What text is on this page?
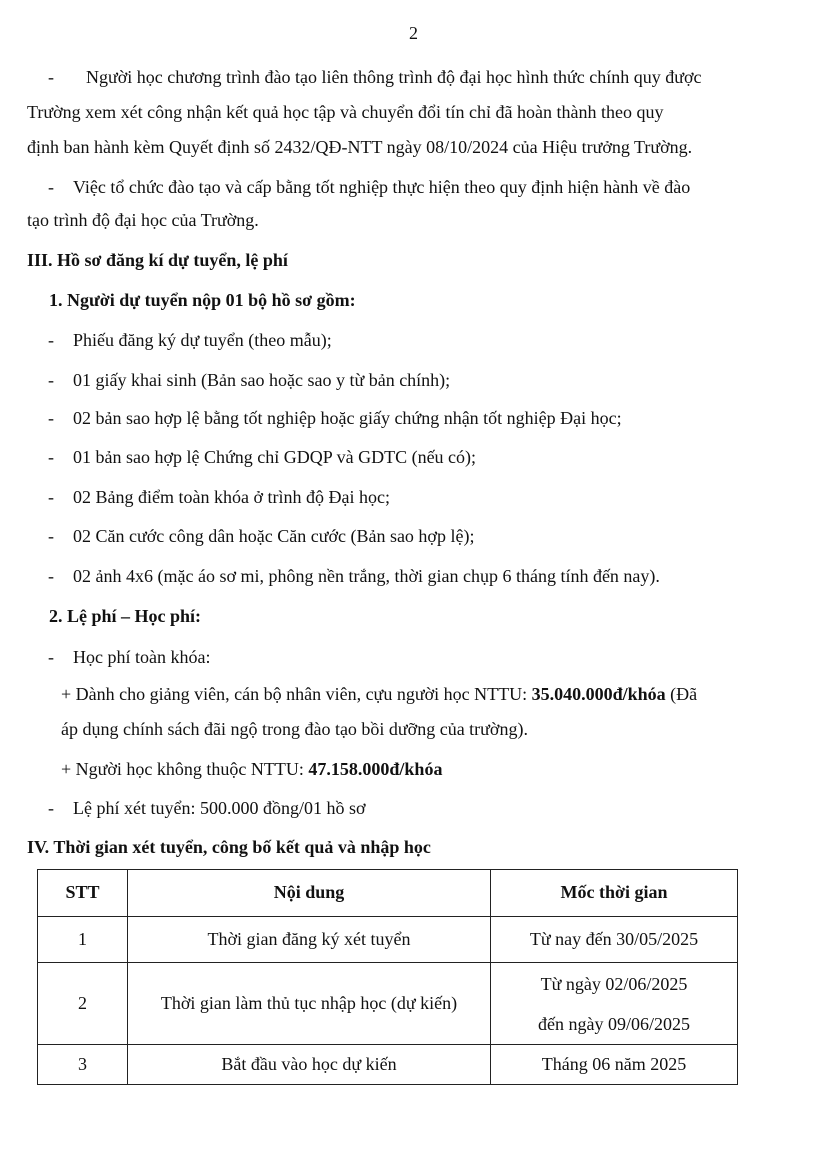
2
- Người học chương trình đào tạo liên thông trình độ đại học hình thức chính quy được
Trường xem xét công nhận kết quả học tập và chuyển đổi tín chỉ đã hoàn thành theo quy
định ban hành kèm Quyết định số 2432/QĐ-NTT ngày 08/10/2024 của Hiệu trưởng Trường.
- Việc tổ chức đào tạo và cấp bằng tốt nghiệp thực hiện theo quy định hiện hành về đào
tạo trình độ đại học của Trường.
III. Hồ sơ đăng kí dự tuyển, lệ phí
1. Người dự tuyển nộp 01 bộ hồ sơ gồm:
- Phiếu đăng ký dự tuyển (theo mẫu);
- 01 giấy khai sinh (Bản sao hoặc sao y từ bản chính);
- 02 bản sao hợp lệ bằng tốt nghiệp hoặc giấy chứng nhận tốt nghiệp Đại học;
- 01 bản sao hợp lệ Chứng chỉ GDQP và GDTC (nếu có);
- 02 Bảng điểm toàn khóa ở trình độ Đại học;
- 02 Căn cước công dân hoặc Căn cước (Bản sao hợp lệ);
- 02 ảnh 4x6 (mặc áo sơ mi, phông nền trắng, thời gian chụp 6 tháng tính đến nay).
2. Lệ phí – Học phí:
- Học phí toàn khóa:
+ Dành cho giảng viên, cán bộ nhân viên, cựu người học NTTU: 35.040.000đ/khóa (Đã
áp dụng chính sách đãi ngộ trong đào tạo bồi dưỡng của trường).
+ Người học không thuộc NTTU: 47.158.000đ/khóa
- Lệ phí xét tuyển: 500.000 đồng/01 hồ sơ
IV. Thời gian xét tuyển, công bố kết quả và nhập học
STT	Nội dung	Mốc thời gian
1	Thời gian đăng ký xét tuyển	Từ nay đến 30/05/2025
2	Thời gian làm thủ tục nhập học (dự kiến)	Từ ngày 02/06/2025
đến ngày 09/06/2025

3	Bắt đầu vào học dự kiến	Tháng 06 năm 2025
